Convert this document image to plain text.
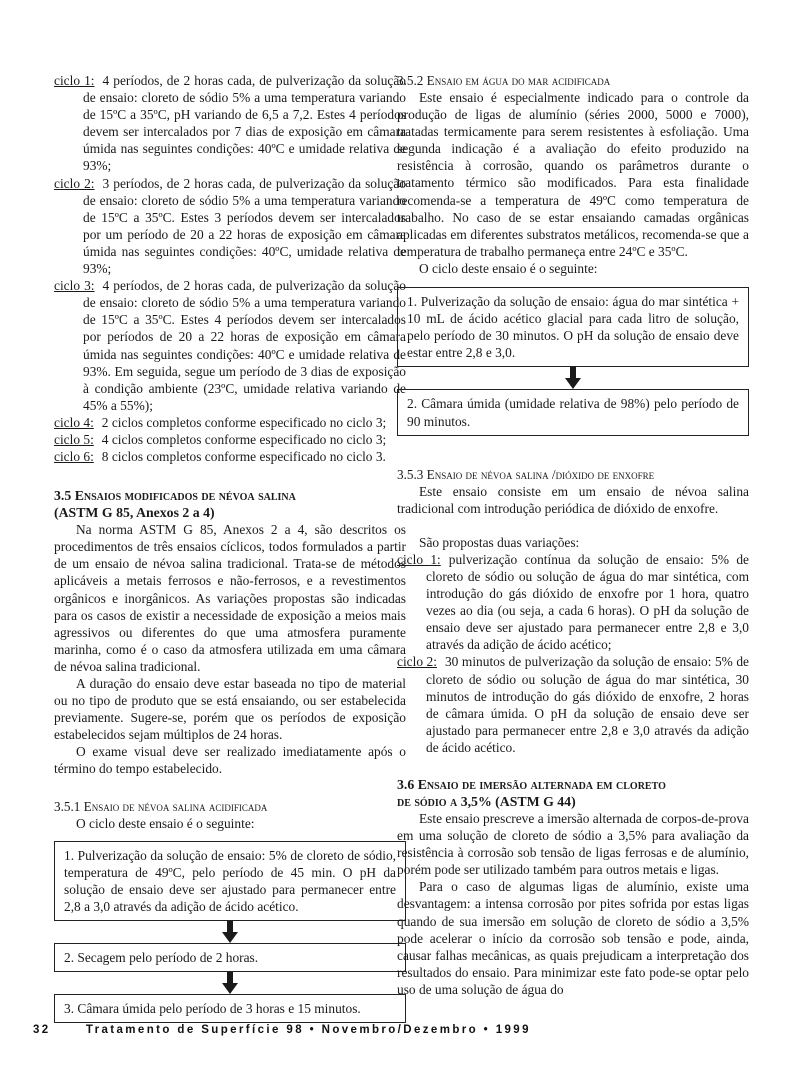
ciclo 1: 4 períodos, de 2 horas cada, de pulverização da solução de ensaio: cloreto de sódio 5% a uma temperatura variando de 15ºC a 35ºC, pH variando de 6,5 a 7,2. Estes 4 períodos devem ser intercalados por 7 dias de exposição em câmara úmida nas seguintes condições: 40ºC e umidade relativa de 93%;

ciclo 2: 3 períodos, de 2 horas cada, de pulverização da solução de ensaio: cloreto de sódio 5% a uma temperatura variando de 15ºC a 35ºC. Estes 3 períodos devem ser intercalados por um período de 20 a 22 horas de exposição em câmara úmida nas seguintes condições: 40ºC, umidade relativa de 93%;

ciclo 3: 4 períodos, de 2 horas cada, de pulverização da solução de ensaio: cloreto de sódio 5% a uma temperatura variando de 15ºC a 35ºC. Estes 4 períodos devem ser intercalados por períodos de 20 a 22 horas de exposição em câmara úmida nas seguintes condições: 40ºC e umidade relativa de 93%. Em seguida, segue um período de 3 dias de exposição à condição ambiente (23ºC, umidade relativa variando de 45% a 55%);

ciclo 4: 2 ciclos completos conforme especificado no ciclo 3;

ciclo 5: 4 ciclos completos conforme especificado no ciclo 3;

ciclo 6: 8 ciclos completos conforme especificado no ciclo 3.

3.5 Ensaios modificados de névoa salina
(ASTM G 85, Anexos 2 a 4)

Na norma ASTM G 85, Anexos 2 a 4, são descritos os procedimentos de três ensaios cíclicos, todos formulados a partir de um ensaio de névoa salina tradicional. Trata-se de métodos aplicáveis a metais ferrosos e não-ferrosos, e a revestimentos orgânicos e inorgânicos. As variações propostas são indicadas para os casos de existir a necessidade de exposição a meios mais agressivos ou diferentes do que uma atmosfera puramente marinha, como é o caso da atmosfera utilizada em uma câmara de névoa salina tradicional.

A duração do ensaio deve estar baseada no tipo de material ou no tipo de produto que se está ensaiando, ou ser estabelecida previamente. Sugere-se, porém que os períodos de exposição estabelecidos sejam múltiplos de 24 horas.

O exame visual deve ser realizado imediatamente após o término do tempo estabelecido.

3.5.1 Ensaio de névoa salina acidificada

O ciclo deste ensaio é o seguinte:

1. Pulverização da solução de ensaio: 5% de cloreto de sódio, temperatura de 49ºC, pelo período de 45 min. O pH da solução de ensaio deve ser ajustado para permanecer entre 2,8 a 3,0 através da adição de ácido acético.
2. Secagem pelo período de 2 horas.
3. Câmara úmida pelo período de 3 horas e 15 minutos.
3.5.2 Ensaio em água do mar acidificada

Este ensaio é especialmente indicado para o controle da produção de ligas de alumínio (séries 2000, 5000 e 7000), tratadas termicamente para serem resistentes à esfoliação. Uma segunda indicação é a avaliação do efeito produzido na resistência à corrosão, quando os parâmetros durante o tratamento térmico são modificados. Para esta finalidade recomenda-se a temperatura de 49ºC como temperatura de trabalho. No caso de se estar ensaiando camadas orgânicas aplicadas em diferentes substratos metálicos, recomenda-se que a temperatura de trabalho permaneça entre 24ºC e 35ºC.

O ciclo deste ensaio é o seguinte:

1. Pulverização da solução de ensaio: água do mar sintética + 10 mL de ácido acético glacial para cada litro de solução, pelo período de 30 minutos. O pH da solução de ensaio deve estar entre 2,8 e 3,0.
2. Câmara úmida (umidade relativa de 98%) pelo período de 90 minutos.
3.5.3 Ensaio de névoa salina /dióxido de enxofre

Este ensaio consiste em um ensaio de névoa salina tradicional com introdução periódica de dióxido de enxofre.

São propostas duas variações:

ciclo 1: pulverização contínua da solução de ensaio: 5% de cloreto de sódio ou solução de água do mar sintética, com introdução do gás dióxido de enxofre por 1 hora, quatro vezes ao dia (ou seja, a cada 6 horas). O pH da solução de ensaio deve ser ajustado para permanecer entre 2,8 e 3,0 através da adição de ácido acético;

ciclo 2: 30 minutos de pulverização da solução de ensaio: 5% de cloreto de sódio ou solução de água do mar sintética, 30 minutos de introdução do gás dióxido de enxofre, 2 horas de câmara úmida. O pH da solução de ensaio deve ser ajustado para permanecer entre 2,8 e 3,0 através da adição de ácido acético.

3.6 Ensaio de imersão alternada em cloreto
de sódio a 3,5% (ASTM G 44)

Este ensaio prescreve a imersão alternada de corpos-de-prova em uma solução de cloreto de sódio a 3,5% para avaliação da resistência à corrosão sob tensão de ligas ferrosas e de alumínio, porém pode ser utilizado também para outros metais e ligas.

Para o caso de algumas ligas de alumínio, existe uma desvantagem: a intensa corrosão por pites sofrida por estas ligas quando de sua imersão em solução de cloreto de sódio a 3,5% pode acelerar o início da corrosão sob tensão e pode, ainda, causar falhas mecânicas, as quais prejudicam a interpretação dos resultados do ensaio. Para minimizar este fato pode-se optar pelo uso de uma solução de água do

32	Tratamento de Superfície 98 • Novembro/Dezembro • 1999
